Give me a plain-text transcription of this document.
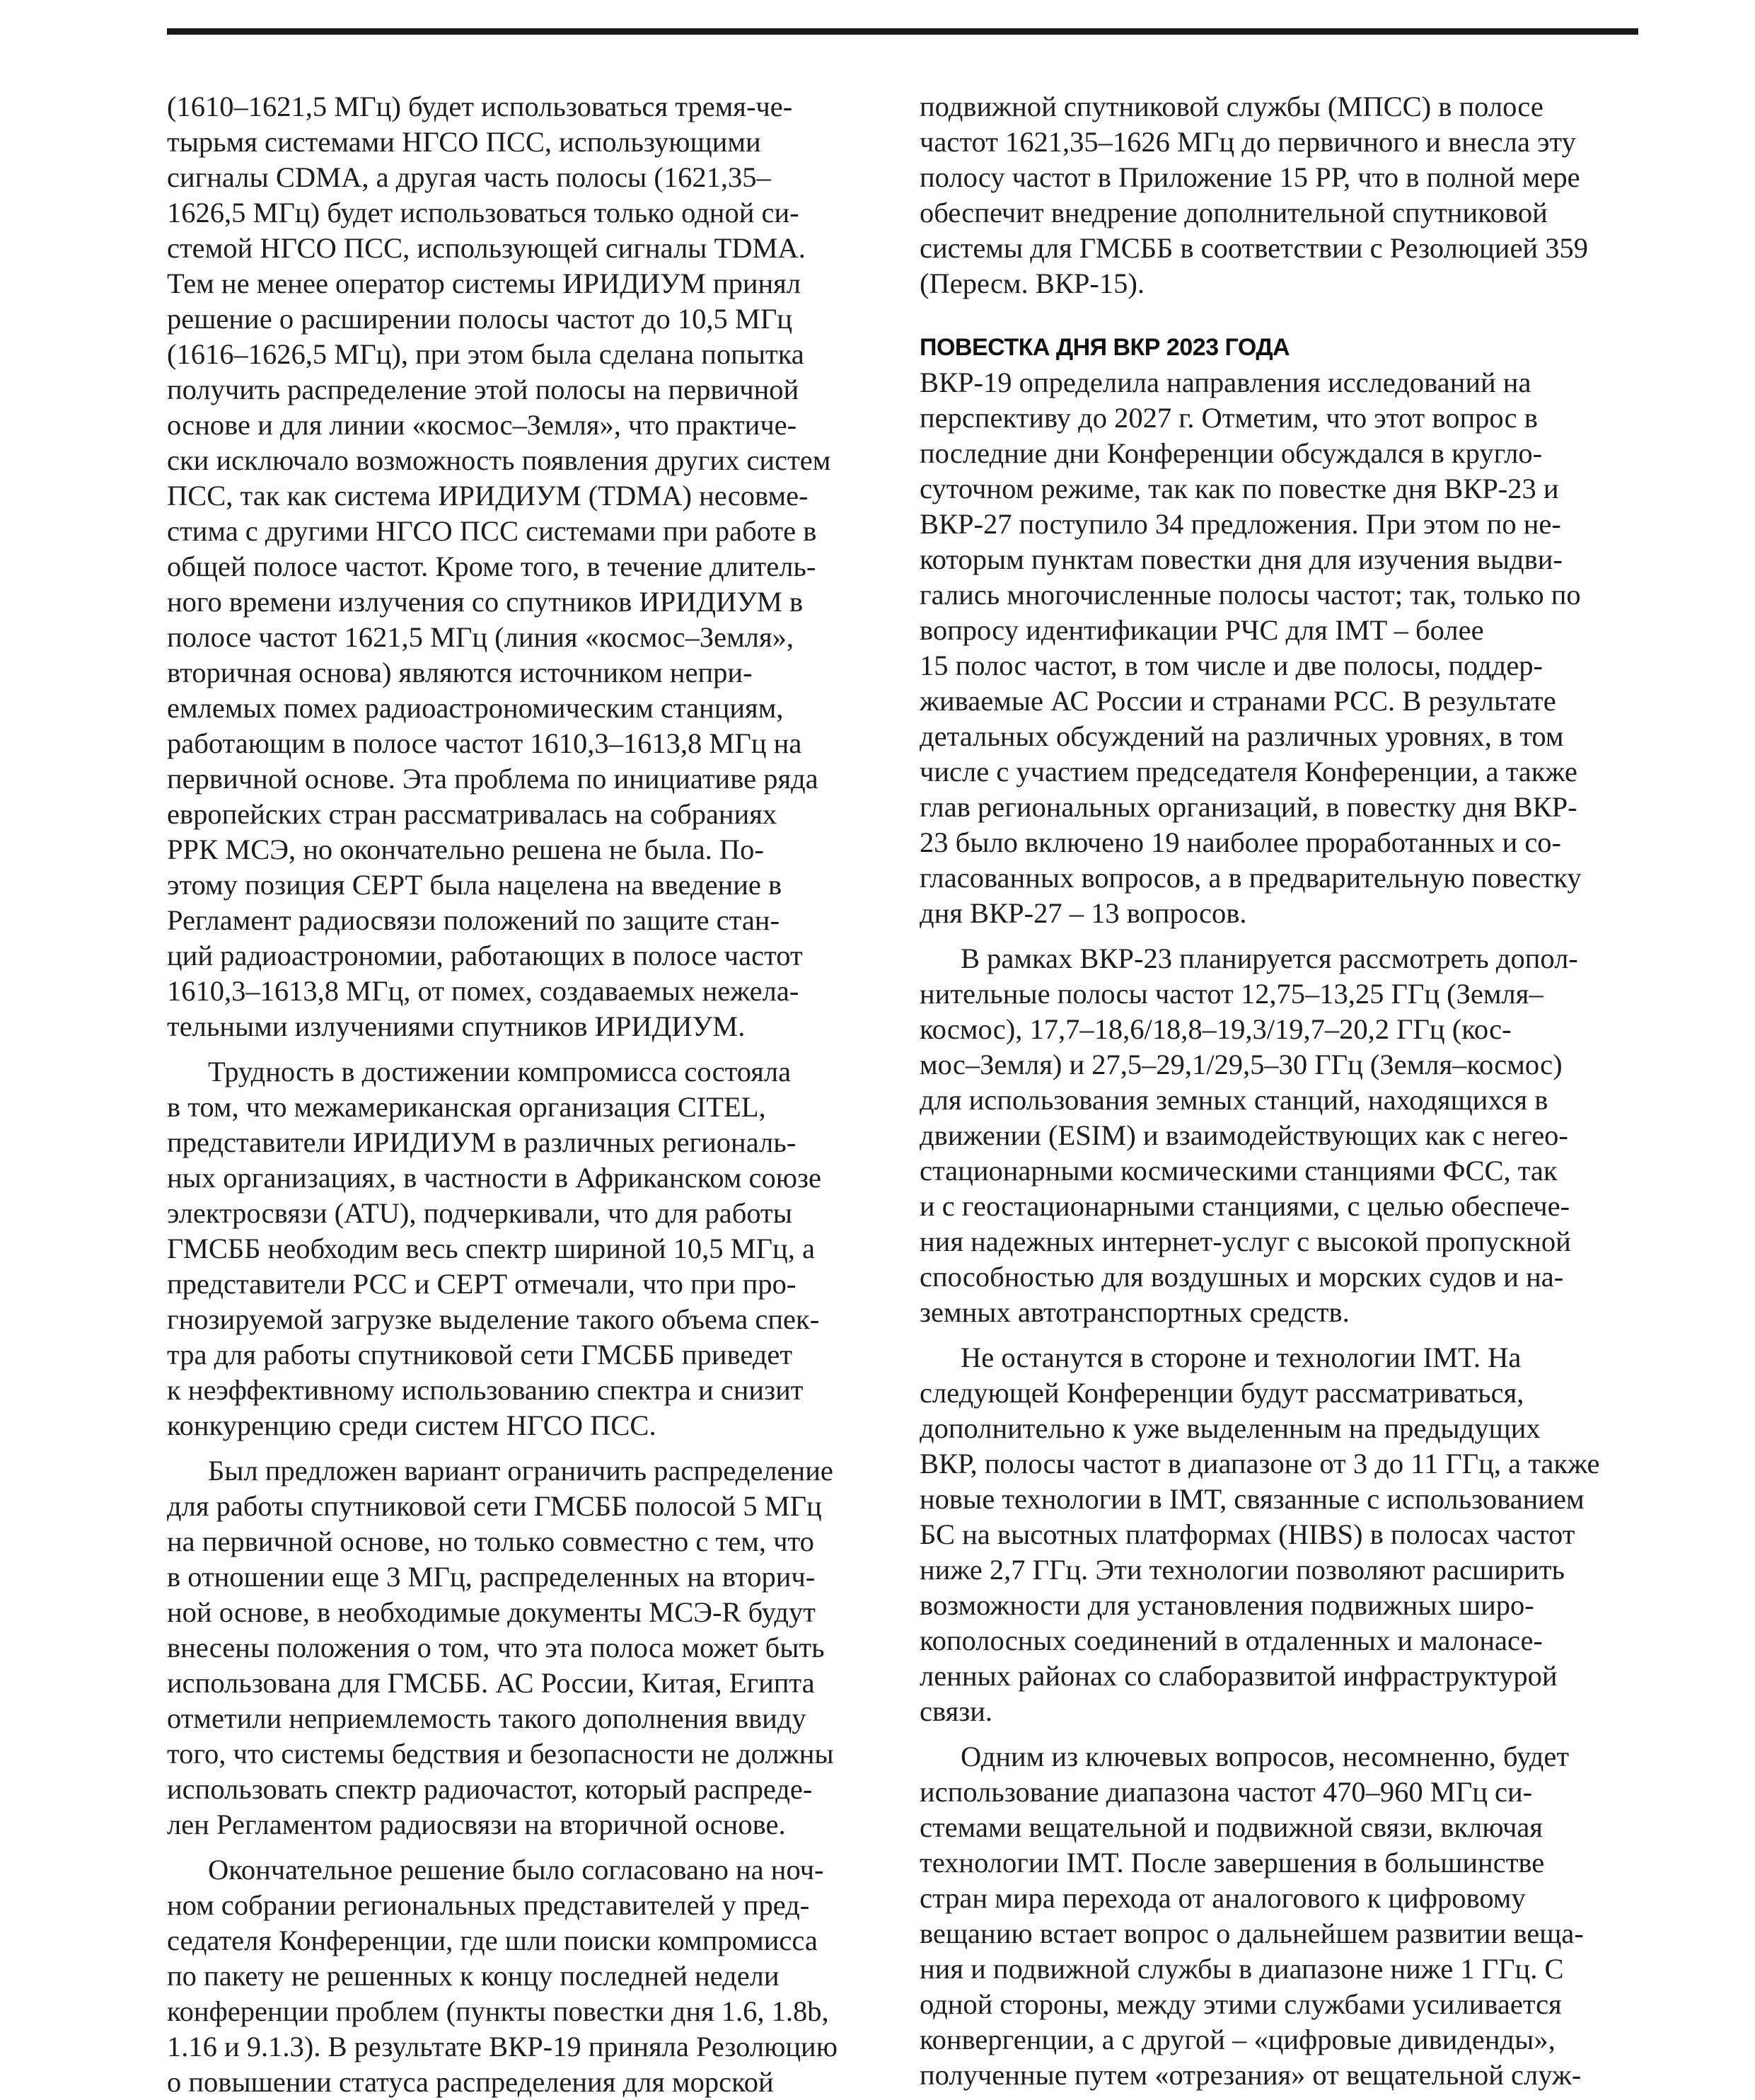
(1610–1621,5 МГц) будет использоваться тремя-че-
тырьмя системами НГСО ПСС, использующими
сигналы CDMA, а другая часть полосы (1621,35–
1626,5 МГц) будет использоваться только одной си-
стемой НГСО ПСС, использующей сигналы TDMA.
Тем не менее оператор системы ИРИДИУМ принял
решение о расширении полосы частот до 10,5 МГц
(1616–1626,5 МГц), при этом была сделана попытка
получить распределение этой полосы на первичной
основе и для линии «космос–Земля», что практиче-
ски исключало возможность появления других систем
ПСС, так как система ИРИДИУМ (TDMA) несовме-
стима с другими НГСО ПСС системами при работе в
общей полосе частот. Кроме того, в течение длитель-
ного времени излучения со спутников ИРИДИУМ в
полосе частот 1621,5 МГц (линия «космос–Земля»,
вторичная основа) являются источником непри-
емлемых помех радиоастрономическим станциям,
работающим в полосе частот 1610,3–1613,8 МГц на
первичной основе. Эта проблема по инициативе ряда
европейских стран рассматривалась на собраниях
РРК МСЭ, но окончательно решена не была. По-
этому позиция СЕРТ была нацелена на введение в
Регламент радиосвязи положений по защите стан-
ций радиоастрономии, работающих в полосе частот
1610,3–1613,8 МГц, от помех, создаваемых нежела-
тельными излучениями спутников ИРИДИУМ.
Трудность в достижении компромисса состояла
в том, что межамериканская организация CITEL,
представители ИРИДИУМ в различных региональ-
ных организациях, в частности в Африканском союзе
электросвязи (ATU), подчеркивали, что для работы
ГМСББ необходим весь спектр шириной 10,5 МГц, а
представители РСС и СЕРТ отмечали, что при про-
гнозируемой загрузке выделение такого объема спек-
тра для работы спутниковой сети ГМСББ приведет
к неэффективному использованию спектра и снизит
конкуренцию среди систем НГСО ПСС.
Был предложен вариант ограничить распределение
для работы спутниковой сети ГМСББ полосой 5 МГц
на первичной основе, но только совместно с тем, что
в отношении еще 3 МГц, распределенных на вторич-
ной основе, в необходимые документы МСЭ-R будут
внесены положения о том, что эта полоса может быть
использована для ГМСББ. АС России, Китая, Египта
отметили неприемлемость такого дополнения ввиду
того, что системы бедствия и безопасности не должны
использовать спектр радиочастот, который распреде-
лен Регламентом радиосвязи на вторичной основе.
Окончательное решение было согласовано на ноч-
ном собрании региональных представителей у пред-
седателя Конференции, где шли поиски компромисса
по пакету не решенных к концу последней недели
конференции проблем (пункты повестки дня 1.6, 1.8b,
1.16 и 9.1.3). В результате ВКР-19 приняла Резолюцию
о повышении статуса распределения для морской
подвижной спутниковой службы (МПСС) в полосе
частот 1621,35–1626 МГц до первичного и внесла эту
полосу частот в Приложение 15 РР, что в полной мере
обеспечит внедрение дополнительной спутниковой
системы для ГМСББ в соответствии с Резолюцией 359
(Пересм. ВКР-15).
ПОВЕСТКА ДНЯ ВКР 2023 ГОДА
ВКР-19 определила направления исследований на
перспективу до 2027 г. Отметим, что этот вопрос в
последние дни Конференции обсуждался в кругло-
суточном режиме, так как по повестке дня ВКР-23 и
ВКР-27 поступило 34 предложения. При этом по не-
которым пунктам повестки дня для изучения выдви-
гались многочисленные полосы частот; так, только по
вопросу идентификации РЧС для IMT – более
15 полос частот, в том числе и две полосы, поддер-
живаемые АС России и странами РСС. В результате
детальных обсуждений на различных уровнях, в том
числе с участием председателя Конференции, а также
глав региональных организаций, в повестку дня ВКР-
23 было включено 19 наиболее проработанных и со-
гласованных вопросов, а в предварительную повестку
дня ВКР-27 – 13 вопросов.
В рамках ВКР-23 планируется рассмотреть допол-
нительные полосы частот 12,75–13,25 ГГц (Земля–
космос), 17,7–18,6/18,8–19,3/19,7–20,2 ГГц (кос-
мос–Земля) и 27,5–29,1/29,5–30 ГГц (Земля–космос)
для использования земных станций, находящихся в
движении (ESIM) и взаимодействующих как с негео-
стационарными космическими станциями ФСС, так
и с геостационарными станциями, с целью обеспече-
ния надежных интернет-услуг с высокой пропускной
способностью для воздушных и морских судов и на-
земных автотранспортных средств.
Не останутся в стороне и технологии IMT. На
следующей Конференции будут рассматриваться,
дополнительно к уже выделенным на предыдущих
ВКР, полосы частот в диапазоне от 3 до 11 ГГц, а также
новые технологии в IMT, связанные с использованием
БС на высотных платформах (HIBS) в полосах частот
ниже 2,7 ГГц. Эти технологии позволяют расширить
возможности для установления подвижных широ-
кополосных соединений в отдаленных и малонасе-
ленных районах со слаборазвитой инфраструктурой
связи.
Одним из ключевых вопросов, несомненно, будет
использование диапазона частот 470–960 МГц си-
стемами вещательной и подвижной связи, включая
технологии IMT. После завершения в большинстве
стран мира перехода от аналогового к цифровому
вещанию встает вопрос о дальнейшем развитии веща-
ния и подвижной службы в диапазоне ниже 1 ГГц. С
одной стороны, между этими службами усиливается
конвергенции, а с другой – «цифровые дивиденды»,
полученные путем «отрезания» от вещательной служ-
